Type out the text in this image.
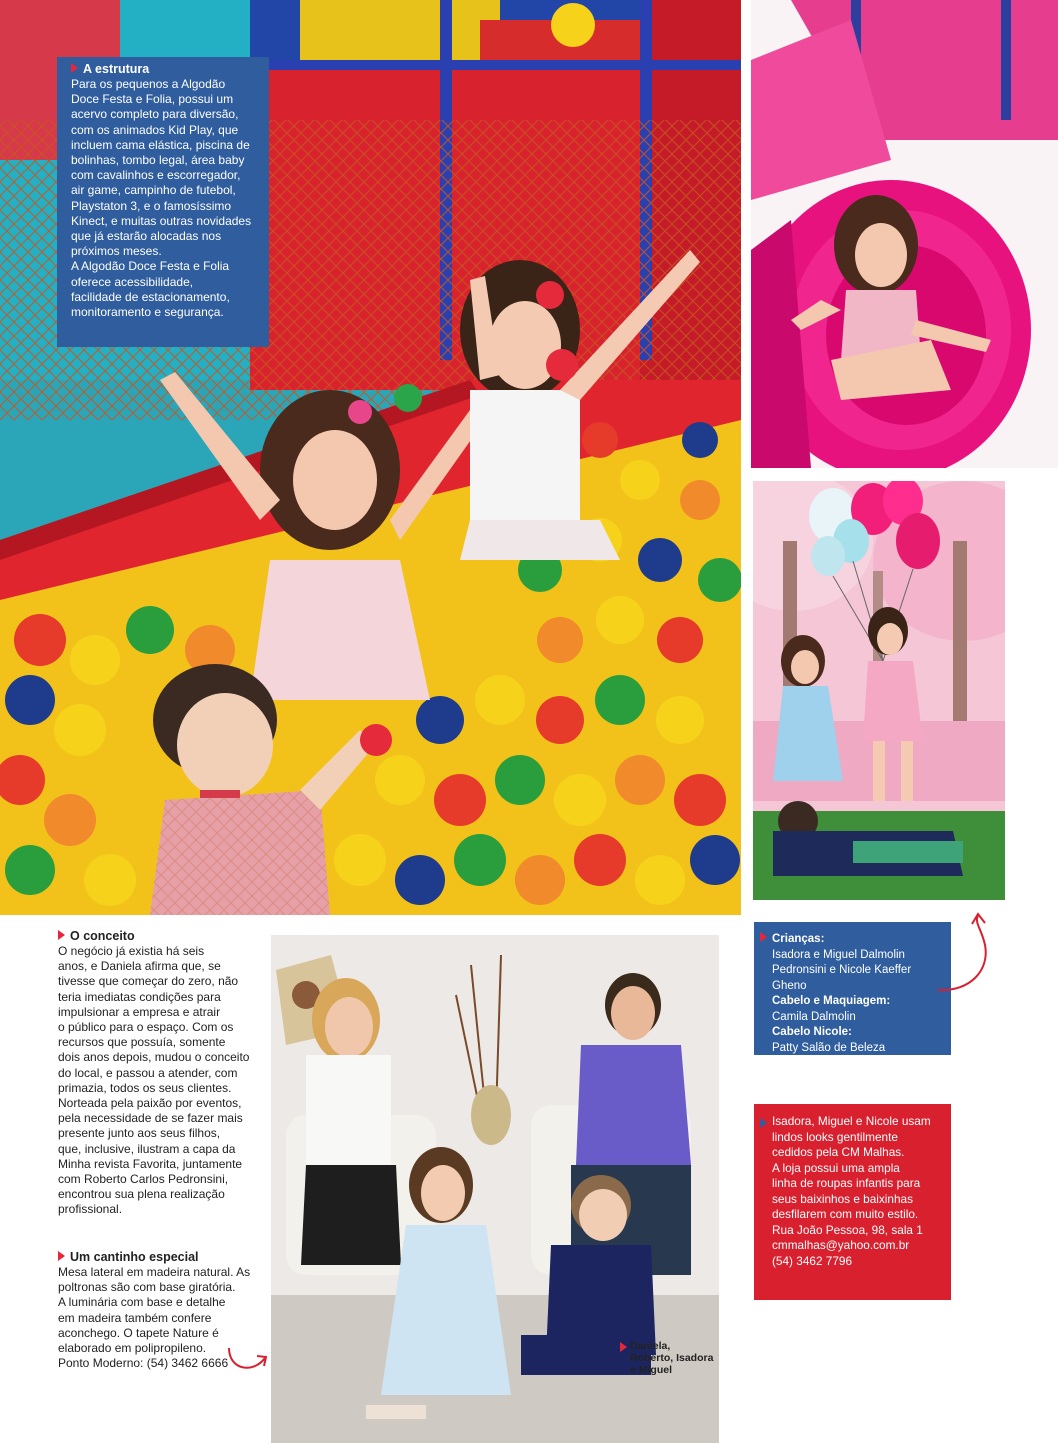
A estrutura
Para os pequenos a Algodão
Doce Festa e Folia, possui um
acervo completo para diversão,
com os animados Kid Play, que
incluem cama elástica, piscina de
bolinhas, tombo legal, área baby
com cavalinhos e escorregador,
air game, campinho de futebol,
Playstaton 3, e o famosíssimo
Kinect, e muitas outras novidades
que já estarão alocadas nos
próximos meses.
A Algodão Doce Festa e Folia
oferece acessibilidade,
facilidade de estacionamento,
monitoramento e segurança.
Crianças:
Isadora e Miguel Dalmolin
Pedronsini e Nicole Kaeffer Gheno
Cabelo e Maquiagem:
Camila Dalmolin
Cabelo Nicole:
Patty Salão de Beleza
Isadora, Miguel e Nicole usam
lindos looks gentilmente
cedidos pela CM Malhas.
A loja possui uma ampla
linha de roupas infantis para
seus baixinhos e baixinhas
desfilarem com muito estilo.
Rua João Pessoa, 98, sala 1
cmmalhas@yahoo.com.br
(54) 3462 7796
O conceito
O negócio já existia há seis
anos, e Daniela afirma que, se
tivesse que começar do zero, não
teria imediatas condições para
impulsionar a empresa e atrair
o público para o espaço. Com os
recursos que possuía, somente
dois anos depois, mudou o conceito
do local, e passou a atender, com
primazia, todos os seus clientes.
Norteada pela paixão por eventos,
pela necessidade de se fazer mais
presente junto aos seus filhos,
que, inclusive, ilustram a capa da
Minha revista Favorita, juntamente
com Roberto Carlos Pedronsini,
encontrou sua plena realização
profissional.
Um cantinho especial
Mesa lateral em madeira natural. As
poltronas são com base giratória.
A luminária com base e detalhe
em madeira também confere
aconchego. O tapete Nature é
elaborado em polipropileno.
Ponto Moderno: (54) 3462 6666
Daniela,
Roberto, Isadora
e Miguel
